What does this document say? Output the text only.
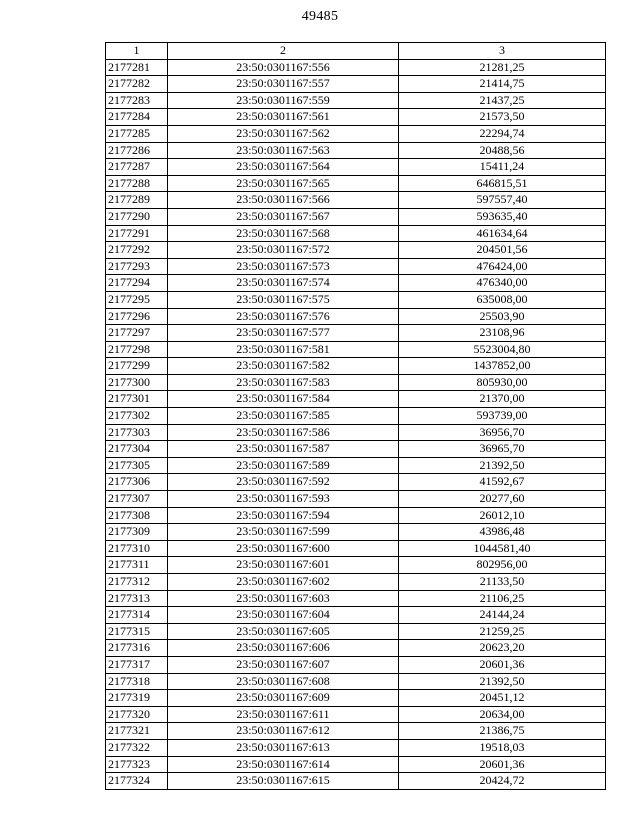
49485
1	2	3
2177281	23:50:0301167:556	21281,25
2177282	23:50:0301167:557	21414,75
2177283	23:50:0301167:559	21437,25
2177284	23:50:0301167:561	21573,50
2177285	23:50:0301167:562	22294,74
2177286	23:50:0301167:563	20488,56
2177287	23:50:0301167:564	15411,24
2177288	23:50:0301167:565	646815,51
2177289	23:50:0301167:566	597557,40
2177290	23:50:0301167:567	593635,40
2177291	23:50:0301167:568	461634,64
2177292	23:50:0301167:572	204501,56
2177293	23:50:0301167:573	476424,00
2177294	23:50:0301167:574	476340,00
2177295	23:50:0301167:575	635008,00
2177296	23:50:0301167:576	25503,90
2177297	23:50:0301167:577	23108,96
2177298	23:50:0301167:581	5523004,80
2177299	23:50:0301167:582	1437852,00
2177300	23:50:0301167:583	805930,00
2177301	23:50:0301167:584	21370,00
2177302	23:50:0301167:585	593739,00
2177303	23:50:0301167:586	36956,70
2177304	23:50:0301167:587	36965,70
2177305	23:50:0301167:589	21392,50
2177306	23:50:0301167:592	41592,67
2177307	23:50:0301167:593	20277,60
2177308	23:50:0301167:594	26012,10
2177309	23:50:0301167:599	43986,48
2177310	23:50:0301167:600	1044581,40
2177311	23:50:0301167:601	802956,00
2177312	23:50:0301167:602	21133,50
2177313	23:50:0301167:603	21106,25
2177314	23:50:0301167:604	24144,24
2177315	23:50:0301167:605	21259,25
2177316	23:50:0301167:606	20623,20
2177317	23:50:0301167:607	20601,36
2177318	23:50:0301167:608	21392,50
2177319	23:50:0301167:609	20451,12
2177320	23:50:0301167:611	20634,00
2177321	23:50:0301167:612	21386,75
2177322	23:50:0301167:613	19518,03
2177323	23:50:0301167:614	20601,36
2177324	23:50:0301167:615	20424,72
